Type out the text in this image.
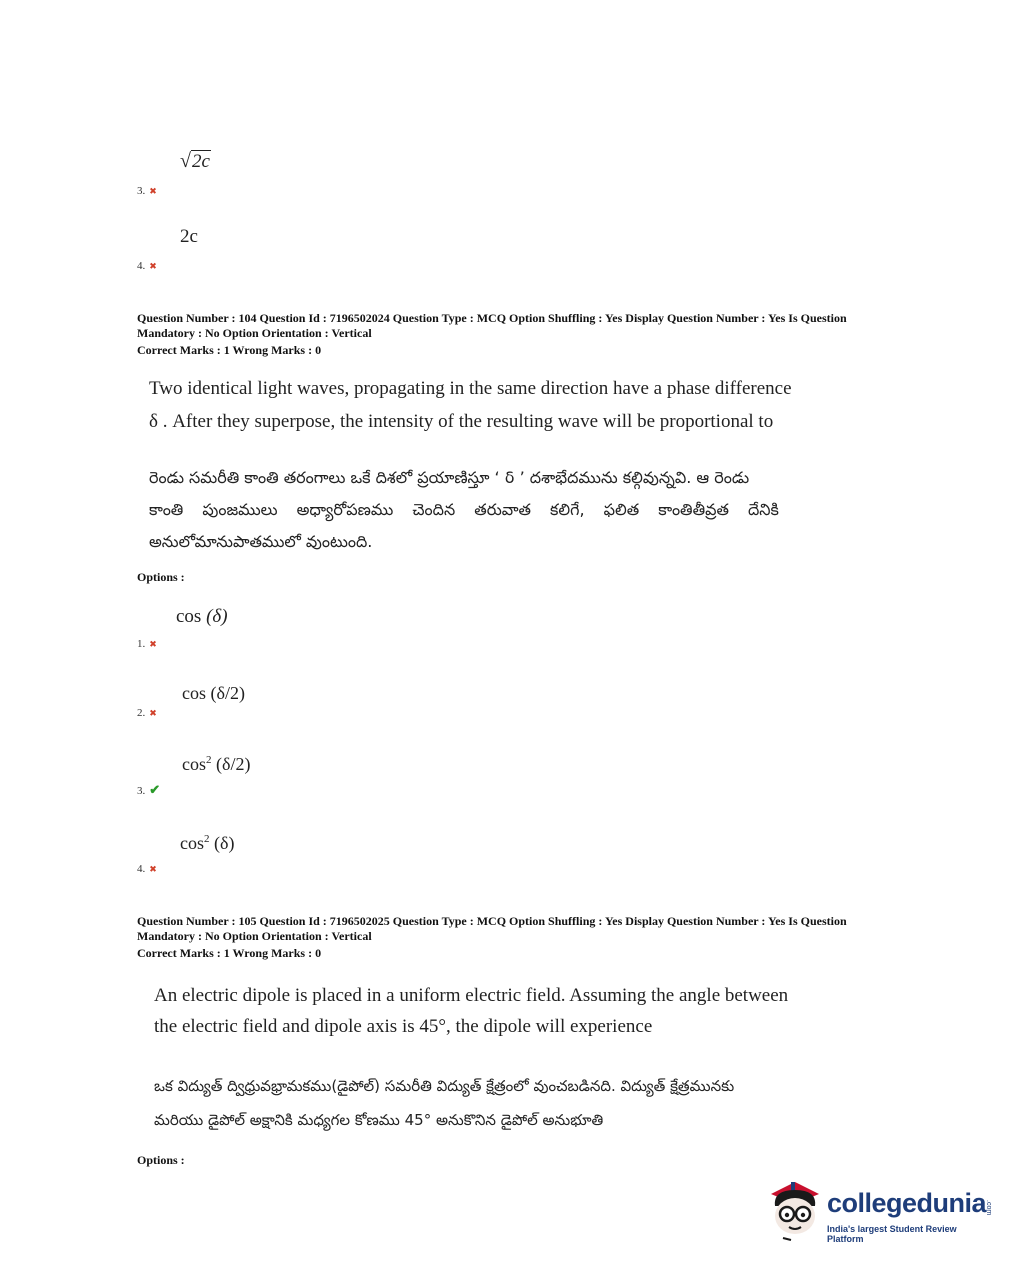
√2c
3. ✖
2c
4. ✖
Question Number : 104 Question Id : 7196502024 Question Type : MCQ Option Shuffling : Yes Display Question Number : Yes Is Question
Mandatory : No Option Orientation : Vertical
Correct Marks : 1 Wrong Marks : 0
Two identical light waves, propagating in the same direction have a phase difference
δ . After they superpose, the intensity of the resulting wave will be proportional to
రెండు సమరీతి కాంతి తరంగాలు ఒకే దిశలో ప్రయాణిస్తూ ‘ δ ’ దశాభేదమును కల్గివున్నవి. ఆ రెండు
కాంతి పుంజములు అధ్యారోపణము చెందిన తరువాత కలిగే, ఫలిత కాంతితీవ్రత దేనికి
అనులోమానుపాతములో వుంటుంది.
Options :
cos (δ)
1. ✖
cos (δ/2)
2. ✖
$\cos^2 (\delta/2)$
3. ✔
$\cos^2 (\delta)$
4. ✖
Question Number : 105 Question Id : 7196502025 Question Type : MCQ Option Shuffling : Yes Display Question Number : Yes Is Question
Mandatory : No Option Orientation : Vertical
Correct Marks : 1 Wrong Marks : 0
An electric dipole is placed in a uniform electric field. Assuming the angle between
the electric field and dipole axis is 45°, the dipole will experience
ఒక విద్యుత్ ద్విధ్రువభ్రామకము(డైపోల్) సమరీతి విద్యుత్ క్షేత్రంలో వుంచబడినది. విద్యుత్ క్షేత్రమునకు
మరియు డైపోల్ అక్షానికి మధ్యగల కోణము 45° అనుకొనిన డైపోల్ అనుభూతి
Options :
collegedunia
.com
India's largest Student Review Platform
